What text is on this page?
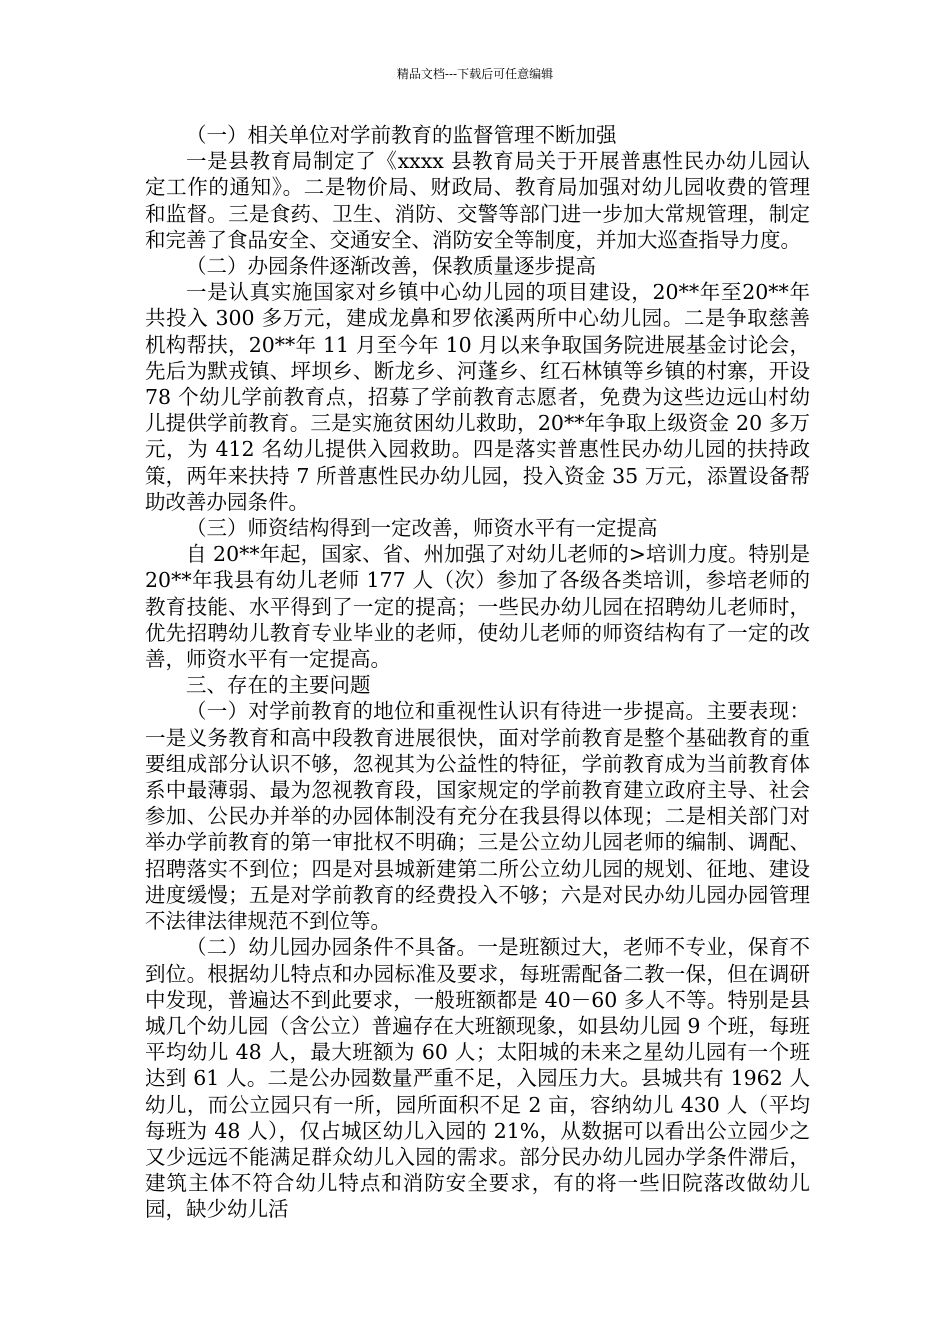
精品文档---下载后可任意编辑

（一）相关单位对学前教育的监督管理不断加强

一是县教育局制定了《xxxx 县教育局关于开展普惠性民办幼儿园认定工作的通知》。二是物价局、财政局、教育局加强对幼儿园收费的管理和监督。三是食药、卫生、消防、交警等部门进一步加大常规管理，制定和完善了食品安全、交通安全、消防安全等制度，并加大巡查指导力度。

（二）办园条件逐渐改善，保教质量逐步提高

一是认真实施国家对乡镇中心幼儿园的项目建设，20**年至20**年共投入 300 多万元，建成龙鼻和罗依溪两所中心幼儿园。二是争取慈善机构帮扶，20**年 11 月至今年 10 月以来争取国务院进展基金讨论会，先后为默戎镇、坪坝乡、断龙乡、河蓬乡、红石林镇等乡镇的村寨，开设 78 个幼儿学前教育点，招募了学前教育志愿者，免费为这些边远山村幼儿提供学前教育。三是实施贫困幼儿救助，20**年争取上级资金 20 多万元，为 412 名幼儿提供入园救助。四是落实普惠性民办幼儿园的扶持政策，两年来扶持 7 所普惠性民办幼儿园，投入资金 35 万元，添置设备帮助改善办园条件。

（三）师资结构得到一定改善，师资水平有一定提高

自 20**年起，国家、省、州加强了对幼儿老师的>培训力度。特别是 20**年我县有幼儿老师 177 人（次）参加了各级各类培训，参培老师的教育技能、水平得到了一定的提高；一些民办幼儿园在招聘幼儿老师时，优先招聘幼儿教育专业毕业的老师，使幼儿老师的师资结构有了一定的改善，师资水平有一定提高。

三、存在的主要问题

（一）对学前教育的地位和重视性认识有待进一步提高。主要表现：一是义务教育和高中段教育进展很快，面对学前教育是整个基础教育的重要组成部分认识不够，忽视其为公益性的特征，学前教育成为当前教育体系中最薄弱、最为忽视教育段，国家规定的学前教育建立政府主导、社会参加、公民办并举的办园体制没有充分在我县得以体现；二是相关部门对举办学前教育的第一审批权不明确；三是公立幼儿园老师的编制、调配、招聘落实不到位；四是对县城新建第二所公立幼儿园的规划、征地、建设进度缓慢；五是对学前教育的经费投入不够；六是对民办幼儿园办园管理不法律法律规范不到位等。

（二）幼儿园办园条件不具备。一是班额过大，老师不专业，保育不到位。根据幼儿特点和办园标准及要求，每班需配备二教一保，但在调研中发现，普遍达不到此要求，一般班额都是 40－60 多人不等。特别是县城几个幼儿园（含公立）普遍存在大班额现象，如县幼儿园 9 个班，每班平均幼儿 48 人，最大班额为 60 人；太阳城的未来之星幼儿园有一个班达到 61 人。二是公办园数量严重不足，入园压力大。县城共有 1962 人幼儿，而公立园只有一所，园所面积不足 2 亩，容纳幼儿 430 人（平均每班为 48 人），仅占城区幼儿入园的 21%，从数据可以看出公立园少之又少远远不能满足群众幼儿入园的需求。部分民办幼儿园办学条件滞后，建筑主体不符合幼儿特点和消防安全要求，有的将一些旧院落改做幼儿园，缺少幼儿活
